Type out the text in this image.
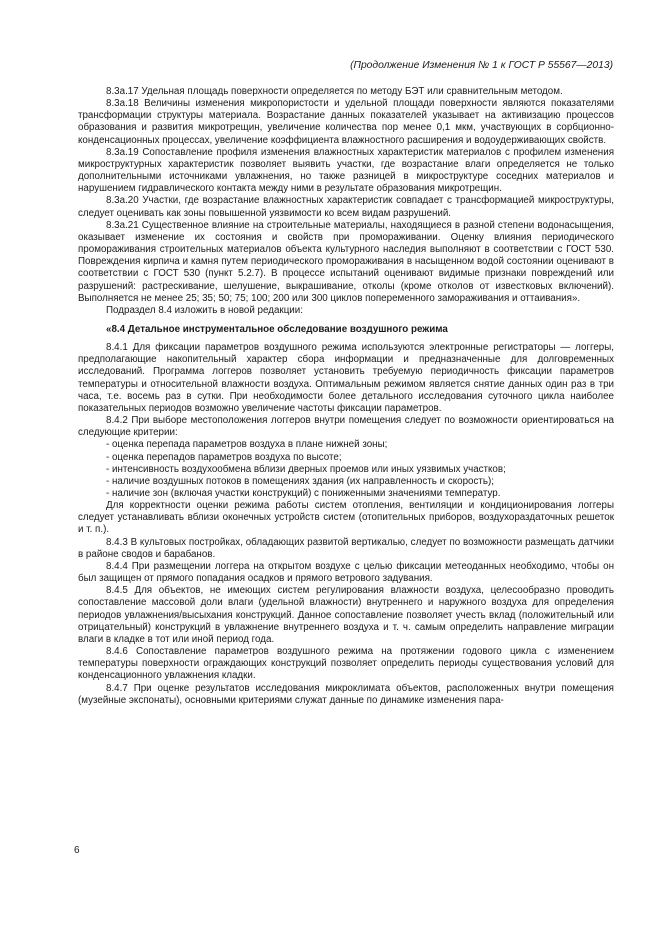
(Продолжение Изменения № 1 к ГОСТ Р 55567—2013)

8.3а.17 Удельная площадь поверхности определяется по методу БЭТ или сравнительным методом.

8.3а.18 Величины изменения микропористости и удельной площади поверхности являются показателями трансформации структуры материала. Возрастание данных показателей указывает на активизацию процессов образования и развития микротрещин, увеличение количества пор менее 0,1 мкм, участвующих в сорбционно-конденсационных процессах, увеличение коэффициента влажностного расширения и водоудерживающих свойств.

8.3а.19 Сопоставление профиля изменения влажностных характеристик материалов с профилем изменения микроструктурных характеристик позволяет выявить участки, где возрастание влаги определяется не только дополнительными источниками увлажнения, но также разницей в микроструктуре соседних материалов и нарушением гидравлического контакта между ними в результате образования микротрещин.

8.3а.20 Участки, где возрастание влажностных характеристик совпадает с трансформацией микроструктуры, следует оценивать как зоны повышенной уязвимости ко всем видам разрушений.

8.3а.21 Существенное влияние на строительные материалы, находящиеся в разной степени водонасыщения, оказывает изменение их состояния и свойств при промораживании. Оценку влияния периодического промораживания строительных материалов объекта культурного наследия выполняют в соответствии с ГОСТ 530. Повреждения кирпича и камня путем периодического промораживания в насыщенном водой состоянии оценивают в соответствии с ГОСТ 530 (пункт 5.2.7). В процессе испытаний оценивают видимые признаки повреждений или разрушений: растрескивание, шелушение, выкрашивание, отколы (кроме отколов от известковых включений). Выполняется не менее 25; 35; 50; 75; 100; 200 или 300 циклов попеременного замораживания и оттаивания».

Подраздел 8.4 изложить в новой редакции:

«8.4 Детальное инструментальное обследование воздушного режима

8.4.1 Для фиксации параметров воздушного режима используются электронные регистраторы — логгеры, предполагающие накопительный характер сбора информации и предназначенные для долговременных исследований. Программа логгеров позволяет установить требуемую периодичность фиксации параметров температуры и относительной влажности воздуха. Оптимальным режимом является снятие данных один раз в три часа, т.е. восемь раз в сутки. При необходимости более детального исследования суточного цикла наиболее показательных периодов возможно увеличение частоты фиксации параметров.

8.4.2 При выборе местоположения логгеров внутри помещения следует по возможности ориентироваться на следующие критерии:

- оценка перепада параметров воздуха в плане нижней зоны;

- оценка перепадов параметров воздуха по высоте;

- интенсивность воздухообмена вблизи дверных проемов или иных уязвимых участков;

- наличие воздушных потоков в помещениях здания (их направленность и скорость);

- наличие зон (включая участки конструкций) с пониженными значениями температур.

Для корректности оценки режима работы систем отопления, вентиляции и кондиционирования логгеры следует устанавливать вблизи оконечных устройств систем (отопительных приборов, воздухораздаточных решеток и т. п.).

8.4.3 В культовых постройках, обладающих развитой вертикалью, следует по возможности размещать датчики в районе сводов и барабанов.

8.4.4 При размещении логгера на открытом воздухе с целью фиксации метеоданных необходимо, чтобы он был защищен от прямого попадания осадков и прямого ветрового задувания.

8.4.5 Для объектов, не имеющих систем регулирования влажности воздуха, целесообразно проводить сопоставление массовой доли влаги (удельной влажности) внутреннего и наружного воздуха для определения периодов увлажнения/высыхания конструкций. Данное сопоставление позволяет учесть вклад (положительный или отрицательный) конструкций в увлажнение внутреннего воздуха и т. ч. самым определить направление миграции влаги в кладке в тот или иной период года.

8.4.6 Сопоставление параметров воздушного режима на протяжении годового цикла с изменением температуры поверхности ограждающих конструкций позволяет определить периоды существования условий для конденсационного увлажнения кладки.

8.4.7 При оценке результатов исследования микроклимата объектов, расположенных внутри помещения (музейные экспонаты), основными критериями служат данные по динамике изменения пара-

6
